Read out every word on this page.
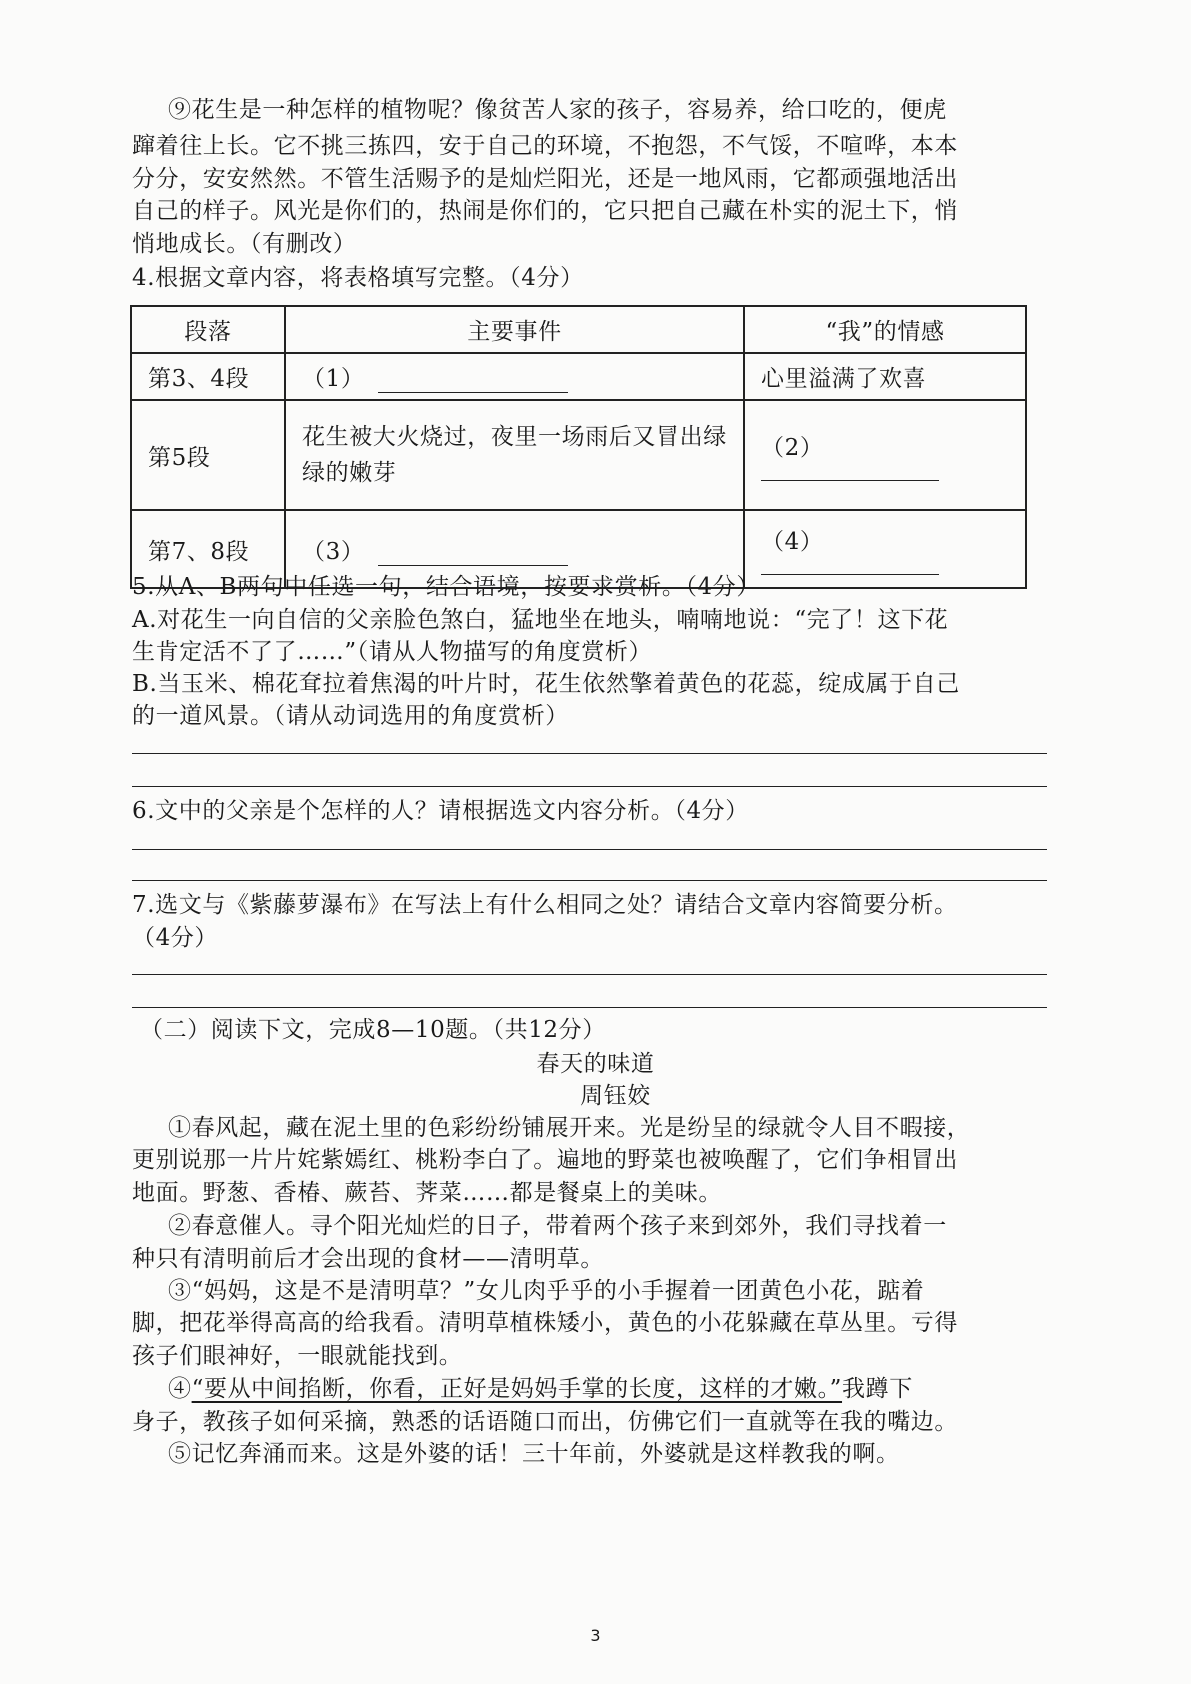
⑨花生是一种怎样的植物呢？像贫苦人家的孩子，容易养，给口吃的，便虎
蹿着往上长。它不挑三拣四，安于自己的环境，不抱怨，不气馁，不喧哗，本本
分分，安安然然。不管生活赐予的是灿烂阳光，还是一地风雨，它都顽强地活出
自己的样子。风光是你们的，热闹是你们的，它只把自己藏在朴实的泥土下，悄
悄地成长。（有删改）
4.根据文章内容，将表格填写完整。（4分）
段落	主要事件	“我”的情感
第3、4段	（1）	心里溢满了欢喜
第5段	花生被大火烧过，夜里一场雨后又冒出绿绿的嫩芽	（2）

第7、8段	（3）	（4）
5.从A、B两句中任选一句，结合语境，按要求赏析。（4分）
A.对花生一向自信的父亲脸色煞白，猛地坐在地头，喃喃地说：“完了！这下花
生肯定活不了了……”（请从人物描写的角度赏析）
B.当玉米、棉花耷拉着焦渴的叶片时，花生依然擎着黄色的花蕊，绽成属于自己
的一道风景。（请从动词选用的角度赏析）
6.文中的父亲是个怎样的人？请根据选文内容分析。（4分）
7.选文与《紫藤萝瀑布》在写法上有什么相同之处？请结合文章内容简要分析。
（4分）
（二）阅读下文，完成8—10题。（共12分）
春天的味道
周钰姣
①春风起，藏在泥土里的色彩纷纷铺展开来。光是纷呈的绿就令人目不暇接，
更别说那一片片姹紫嫣红、桃粉李白了。遍地的野菜也被唤醒了，它们争相冒出
地面。野葱、香椿、蕨苔、荠菜……都是餐桌上的美味。
②春意催人。寻个阳光灿烂的日子，带着两个孩子来到郊外，我们寻找着一
种只有清明前后才会出现的食材——清明草。
③“妈妈，这是不是清明草？”女儿肉乎乎的小手握着一团黄色小花，踮着
脚，把花举得高高的给我看。清明草植株矮小，黄色的小花躲藏在草丛里。亏得
孩子们眼神好，一眼就能找到。
④“要从中间掐断，你看，正好是妈妈手掌的长度，这样的才嫩。”我蹲下
身子，教孩子如何采摘，熟悉的话语随口而出，仿佛它们一直就等在我的嘴边。
⑤记忆奔涌而来。这是外婆的话！三十年前，外婆就是这样教我的啊。
3
